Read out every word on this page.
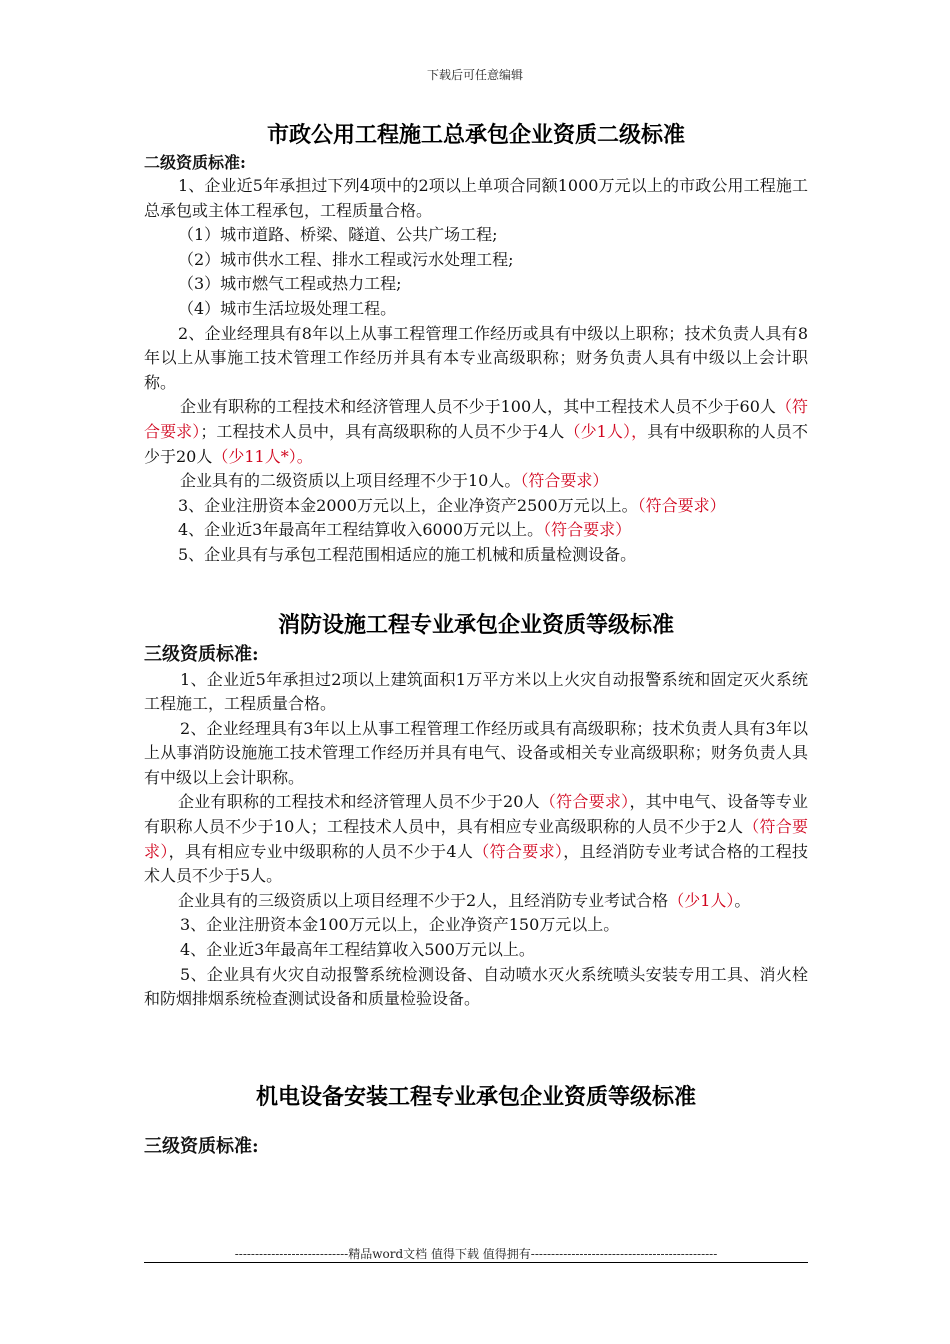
下载后可任意编辑
市政公用工程施工总承包企业资质二级标准
二级资质标准:

1、企业近5年承担过下列4项中的2项以上单项合同额1000万元以上的市政公用工程施工总承包或主体工程承包，工程质量合格。

（1）城市道路、桥梁、隧道、公共广场工程;

（2）城市供水工程、排水工程或污水处理工程;

（3）城市燃气工程或热力工程;

（4）城市生活垃圾处理工程。

2、企业经理具有8年以上从事工程管理工作经历或具有中级以上职称；技术负责人具有8年以上从事施工技术管理工作经历并具有本专业高级职称；财务负责人具有中级以上会计职称。

企业有职称的工程技术和经济管理人员不少于100人，其中工程技术人员不少于60人（符合要求）；工程技术人员中，具有高级职称的人员不少于4人（少1人），具有中级职称的人员不少于20人（少11人*）。

企业具有的二级资质以上项目经理不少于10人。（符合要求）

3、企业注册资本金2000万元以上，企业净资产2500万元以上。（符合要求）

4、企业近3年最高年工程结算收入6000万元以上。（符合要求）

5、企业具有与承包工程范围相适应的施工机械和质量检测设备。

消防设施工程专业承包企业资质等级标准
三级资质标准:

1、企业近5年承担过2项以上建筑面积1万平方米以上火灾自动报警系统和固定灭火系统工程施工，工程质量合格。

2、企业经理具有3年以上从事工程管理工作经历或具有高级职称；技术负责人具有3年以上从事消防设施施工技术管理工作经历并具有电气、设备或相关专业高级职称；财务负责人具有中级以上会计职称。

企业有职称的工程技术和经济管理人员不少于20人（符合要求），其中电气、设备等专业有职称人员不少于10人；工程技术人员中，具有相应专业高级职称的人员不少于2人（符合要求），具有相应专业中级职称的人员不少于4人（符合要求），且经消防专业考试合格的工程技术人员不少于5人。

企业具有的三级资质以上项目经理不少于2人，且经消防专业考试合格（少1人）。

3、企业注册资本金100万元以上，企业净资产150万元以上。

4、企业近3年最高年工程结算收入500万元以上。

5、企业具有火灾自动报警系统检测设备、自动喷水灭火系统喷头安装专用工具、消火栓和防烟排烟系统检查测试设备和质量检验设备。

机电设备安装工程专业承包企业资质等级标准
三级资质标准:
----------------------------精品word文档 值得下载 值得拥有----------------------------------------------
